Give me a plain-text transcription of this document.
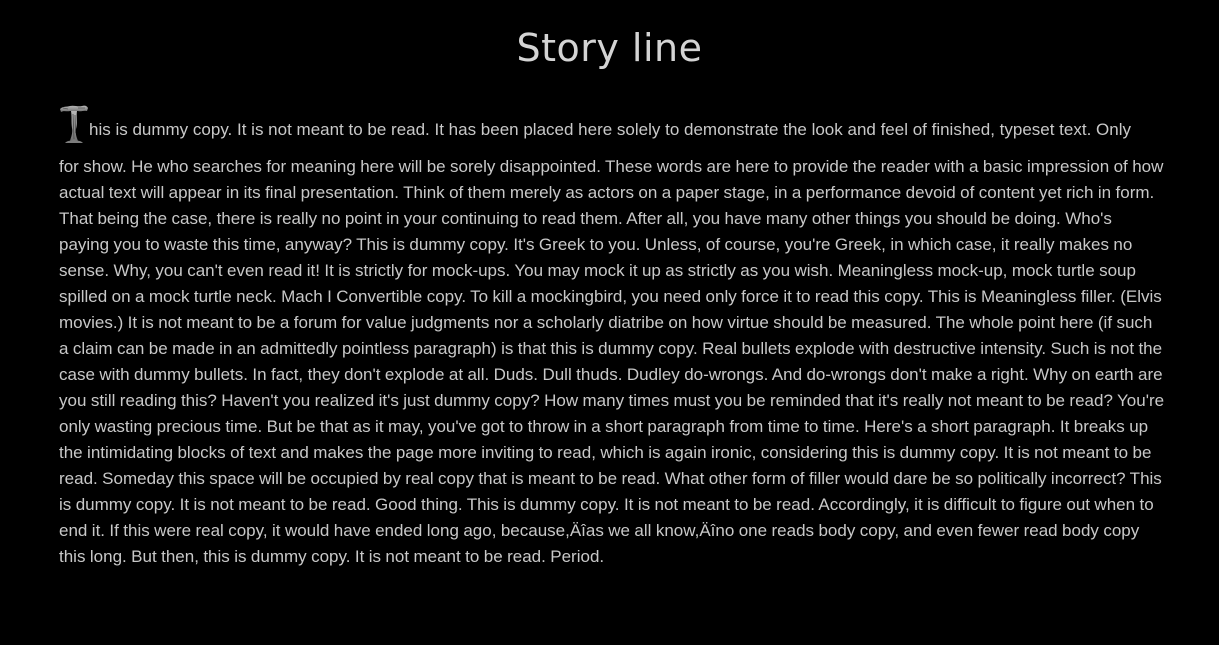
Story line
his is dummy copy. It is not meant to be read. It has been placed here solely to demonstrate the look and feel of finished, typeset text. Only
for show. He who searches for meaning here will be sorely disappointed. These words are here to provide the reader with a basic impression of how actual text will appear in its final presentation. Think of them merely as actors on a paper stage, in a performance devoid of content yet rich in form. That being the case, there is really no point in your continuing to read them. After all, you have many other things you should be doing. Who's paying you to waste this time, anyway? This is dummy copy. It's Greek to you. Unless, of course, you're Greek, in which case, it really makes no sense. Why, you can't even read it! It is strictly for mock-ups. You may mock it up as strictly as you wish. Meaningless mock-up, mock turtle soup spilled on a mock turtle neck. Mach I Convertible copy. To kill a mockingbird, you need only force it to read this copy. This is Meaningless filler. (Elvis movies.) It is not meant to be a forum for value judgments nor a scholarly diatribe on how virtue should be measured. The whole point here (if such a claim can be made in an admittedly pointless paragraph) is that this is dummy copy. Real bullets explode with destructive intensity. Such is not the case with dummy bullets. In fact, they don't explode at all. Duds. Dull thuds. Dudley do-wrongs. And do-wrongs don't make a right. Why on earth are you still reading this? Haven't you realized it's just dummy copy? How many times must you be reminded that it's really not meant to be read? You're only wasting precious time. But be that as it may, you've got to throw in a short paragraph from time to time. Here's a short paragraph. It breaks up the intimidating blocks of text and makes the page more inviting to read, which is again ironic, considering this is dummy copy. It is not meant to be read. Someday this space will be occupied by real copy that is meant to be read. What other form of filler would dare be so politically incorrect? This is dummy copy. It is not meant to be read. Good thing. This is dummy copy. It is not meant to be read. Accordingly, it is difficult to figure out when to end it. If this were real copy, it would have ended long ago, because,Äîas we all know,Äîno one reads body copy, and even fewer read body copy this long. But then, this is dummy copy. It is not meant to be read. Period.
